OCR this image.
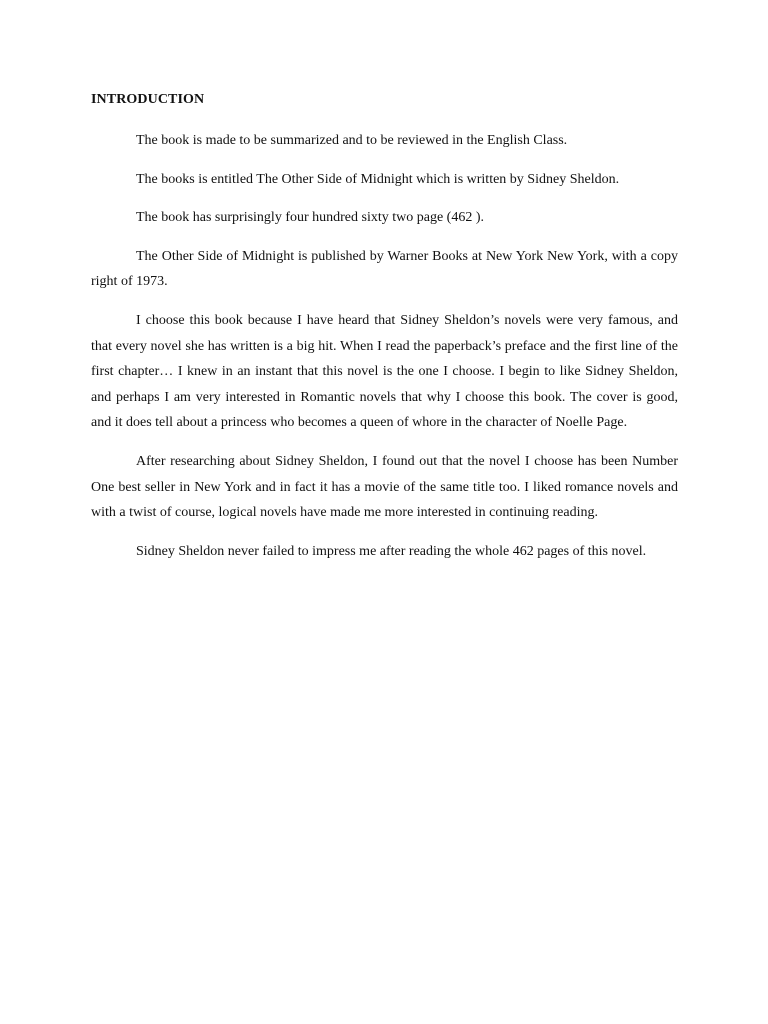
INTRODUCTION

The book is made to be summarized and to be reviewed in the English Class.

The books is entitled The Other Side of Midnight which is written by Sidney Sheldon.

The book has surprisingly four hundred sixty two page (462 ).

The Other Side of Midnight is published by Warner Books at New York New York, with a copy right of 1973.

I choose this book because I have heard that Sidney Sheldon’s novels were very famous, and that every novel she has written is a big hit. When I read the paperback’s preface and the first line of the first chapter… I knew in an instant that this novel is the one I choose. I begin to like Sidney Sheldon, and perhaps I am very interested in Romantic novels that why I choose this book. The cover is good, and it does tell about a princess who becomes a queen of whore in the character of Noelle Page.

After researching about Sidney Sheldon, I found out that the novel I choose has been Number One best seller in New York and in fact it has a movie of the same title too. I liked romance novels and with a twist of course, logical novels have made me more interested in continuing reading.

Sidney Sheldon never failed to impress me after reading the whole 462 pages of this novel.
